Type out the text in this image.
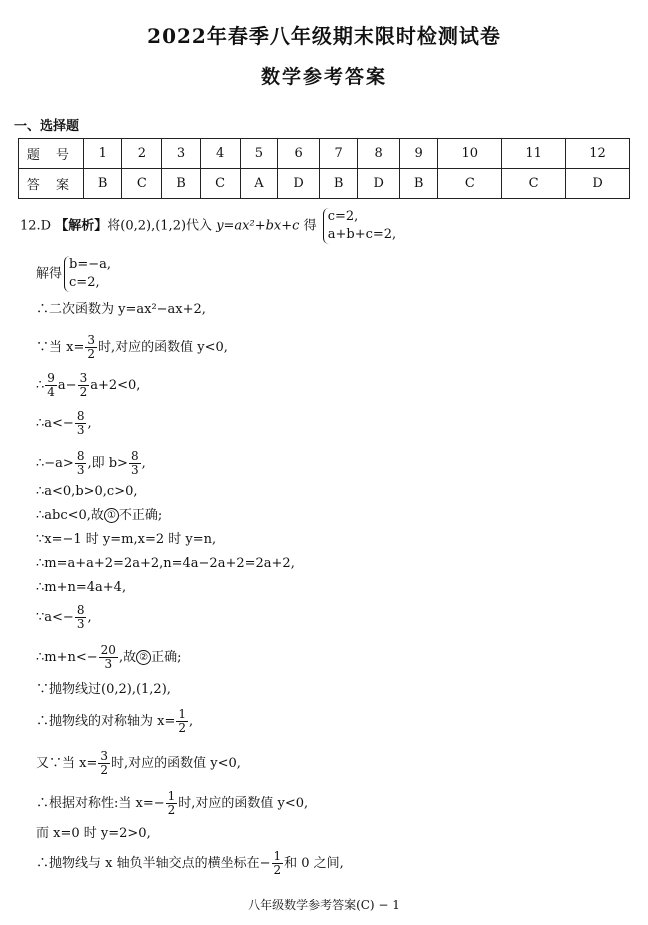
2022年春季八年级期末限时检测试卷
数学参考答案
一、选择题
题 号	1	2	3	4	5	6	7	8	9	10	11	12
答 案	B	C	B	C	A	D	B	D	B	C	C	D
12.D 【解析】将(0,2),(1,2)代入 y=ax²+bx+c 得
c=2,
a+b+c=2,
解得
b=−a,
c=2,
∴二次函数为 y=ax²−ax+2,
∵当 $x= \frac{3}{2}$ 时,对应的函数值 y<0,
∴ $\frac{9}{4} a- \frac{3}{2} a+2<0$,
∴a<− $\frac{8}{3}$ ,
∴−a> $\frac{8}{3}$ ,即 $b> \frac{8}{3}$ ,
∴a<0,b>0,c>0,
∴abc<0,故 ① 不正确;
∵x=−1 时 y=m,x=2 时 y=n,
∴m=a+a+2=2a+2,n=4a−2a+2=2a+2,
∴m+n=4a+4,
∵a<− $\frac{8}{3}$ ,
∴m+n<− $\frac{20}{3}$ ,故 ② 正确;
∵抛物线过(0,2),(1,2),
∴抛物线的对称轴为 $x= \frac{1}{2}$ ,
又∵当 $x= \frac{3}{2}$ 时,对应的函数值 y<0,
∴根据对称性:当 $x=- \frac{1}{2}$ 时,对应的函数值 y<0,
而 x=0 时 y=2>0,
∴抛物线与 x 轴负半轴交点的横坐标在− $\frac{1}{2}$ 和 0 之间,
八年级数学参考答案(C) − 1
